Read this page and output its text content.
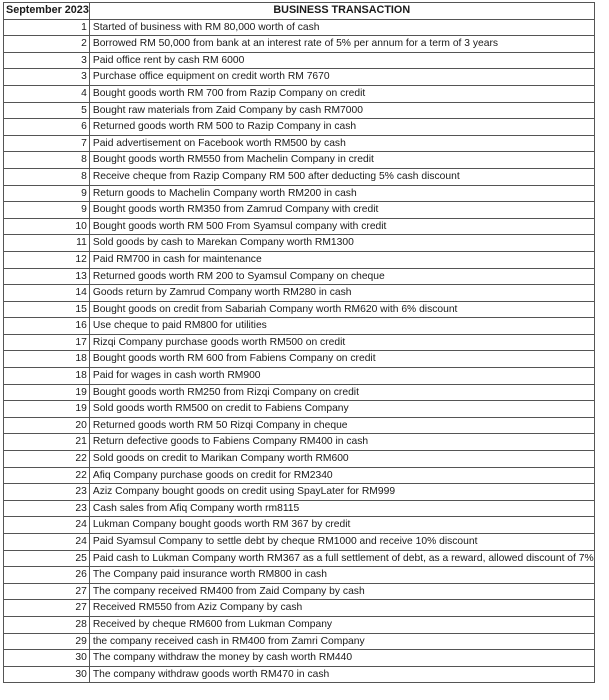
September 2023	BUSINESS TRANSACTION
1	Started of business with RM 80,000 worth of cash
2	Borrowed RM 50,000 from bank at an interest rate of 5% per annum for a term of 3 years
3	Paid office rent by cash RM 6000
3	Purchase office equipment on credit worth RM 7670
4	Bought goods worth RM 700 from Razip Company on credit
5	Bought raw materials from Zaid Company by cash RM7000
6	Returned goods worth RM 500 to Razip Company in cash
7	Paid advertisement on Facebook worth RM500 by cash
8	Bought goods worth RM550 from Machelin Company in credit
8	Receive cheque from Razip Company RM 500 after deducting 5% cash discount
9	Return goods to Machelin Company worth RM200 in cash
9	Bought goods worth RM350 from Zamrud Company with credit
10	Bought goods worth RM 500 From Syamsul company with credit
11	Sold goods by cash to Marekan Company worth RM1300
12	Paid RM700 in cash for maintenance
13	Returned goods worth RM 200 to Syamsul Company on cheque
14	Goods return by Zamrud Company worth RM280 in cash
15	Bought goods on credit from Sabariah Company worth RM620 with 6% discount
16	Use cheque to paid RM800 for utilities
17	Rizqi Company purchase goods worth RM500 on credit
18	Bought goods worth RM 600 from Fabiens Company on credit
18	Paid for wages in cash worth RM900
19	Bought goods worth RM250 from Rizqi Company on credit
19	Sold goods worth RM500 on credit to Fabiens Company
20	Returned goods worth RM 50 Rizqi Company in cheque
21	Return defective goods to Fabiens Company RM400 in cash
22	Sold goods on credit to Marikan Company worth RM600
22	Afiq Company purchase goods on credit for RM2340
23	Aziz Company bought goods on credit using SpayLater for RM999
23	Cash sales from Afiq Company worth rm8115
24	Lukman Company bought goods worth RM 367 by credit
24	Paid Syamsul Company to settle debt by cheque RM1000 and receive 10% discount
25	Paid cash to Lukman Company worth RM367 as a full settlement of debt, as a reward, allowed discount of 7%
26	The Company paid insurance worth RM800 in cash
27	The company received RM400 from Zaid Company by cash
27	Received RM550 from Aziz Company by cash
28	Received by cheque RM600 from Lukman Company
29	the company received cash in RM400 from Zamri Company
30	The company withdraw the money by cash worth RM440
30	The company withdraw goods worth RM470 in cash
